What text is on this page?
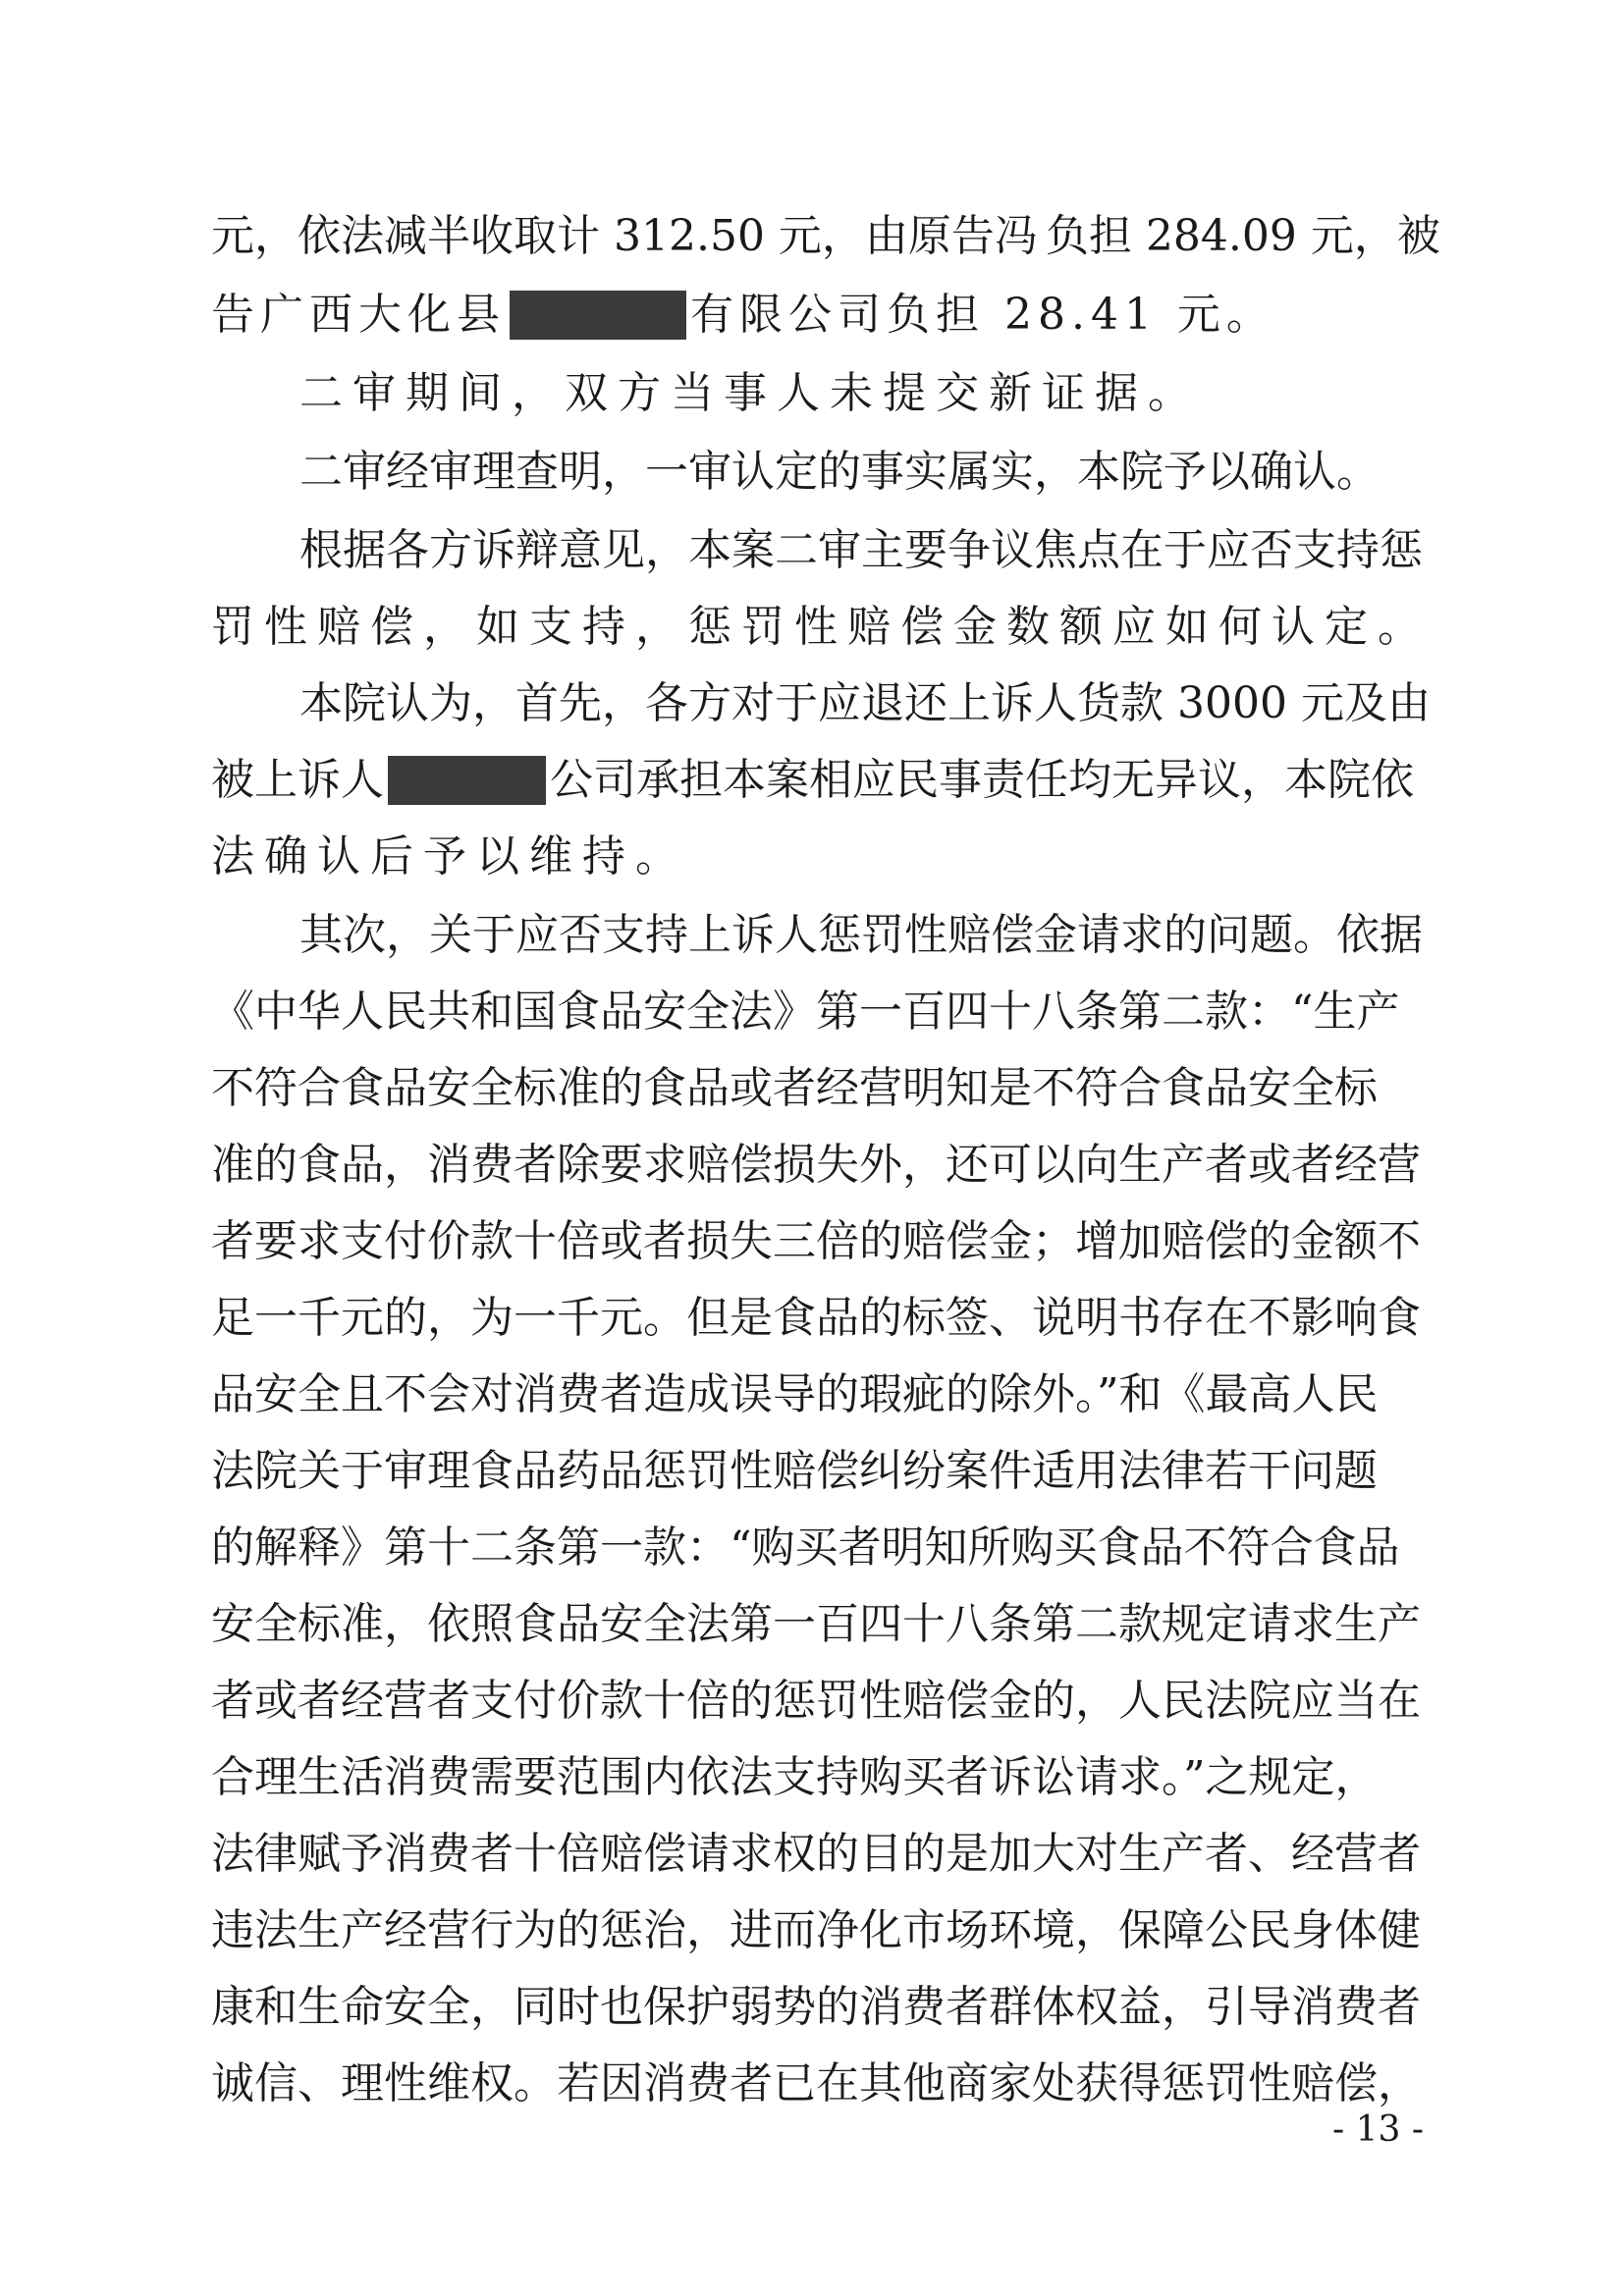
元，依法减半收取计 312.50 元，由原告冯 负担 284.09 元，被
告广西大化县	有限公司负担 28.41 元。
二审期间，双方当事人未提交新证据。
二审经审理查明，一审认定的事实属实，本院予以确认。
根据各方诉辩意见，本案二审主要争议焦点在于应否支持惩
罚性赔偿，如支持，惩罚性赔偿金数额应如何认定。
本院认为，首先，各方对于应退还上诉人货款 3000 元及由
被上诉人	公司承担本案相应民事责任均无异议，本院依
法确认后予以维持。
其次，关于应否支持上诉人惩罚性赔偿金请求的问题。依据
《中华人民共和国食品安全法》第一百四十八条第二款：“生产
不符合食品安全标准的食品或者经营明知是不符合食品安全标
准的食品，消费者除要求赔偿损失外，还可以向生产者或者经营
者要求支付价款十倍或者损失三倍的赔偿金；增加赔偿的金额不
足一千元的，为一千元。但是食品的标签、说明书存在不影响食
品安全且不会对消费者造成误导的瑕疵的除外。”和《最高人民
法院关于审理食品药品惩罚性赔偿纠纷案件适用法律若干问题
的解释》第十二条第一款：“购买者明知所购买食品不符合食品
安全标准，依照食品安全法第一百四十八条第二款规定请求生产
者或者经营者支付价款十倍的惩罚性赔偿金的，人民法院应当在
合理生活消费需要范围内依法支持购买者诉讼请求。”之规定，
法律赋予消费者十倍赔偿请求权的目的是加大对生产者、经营者
违法生产经营行为的惩治，进而净化市场环境，保障公民身体健
康和生命安全，同时也保护弱势的消费者群体权益，引导消费者
诚信、理性维权。若因消费者已在其他商家处获得惩罚性赔偿，
- 13 -
